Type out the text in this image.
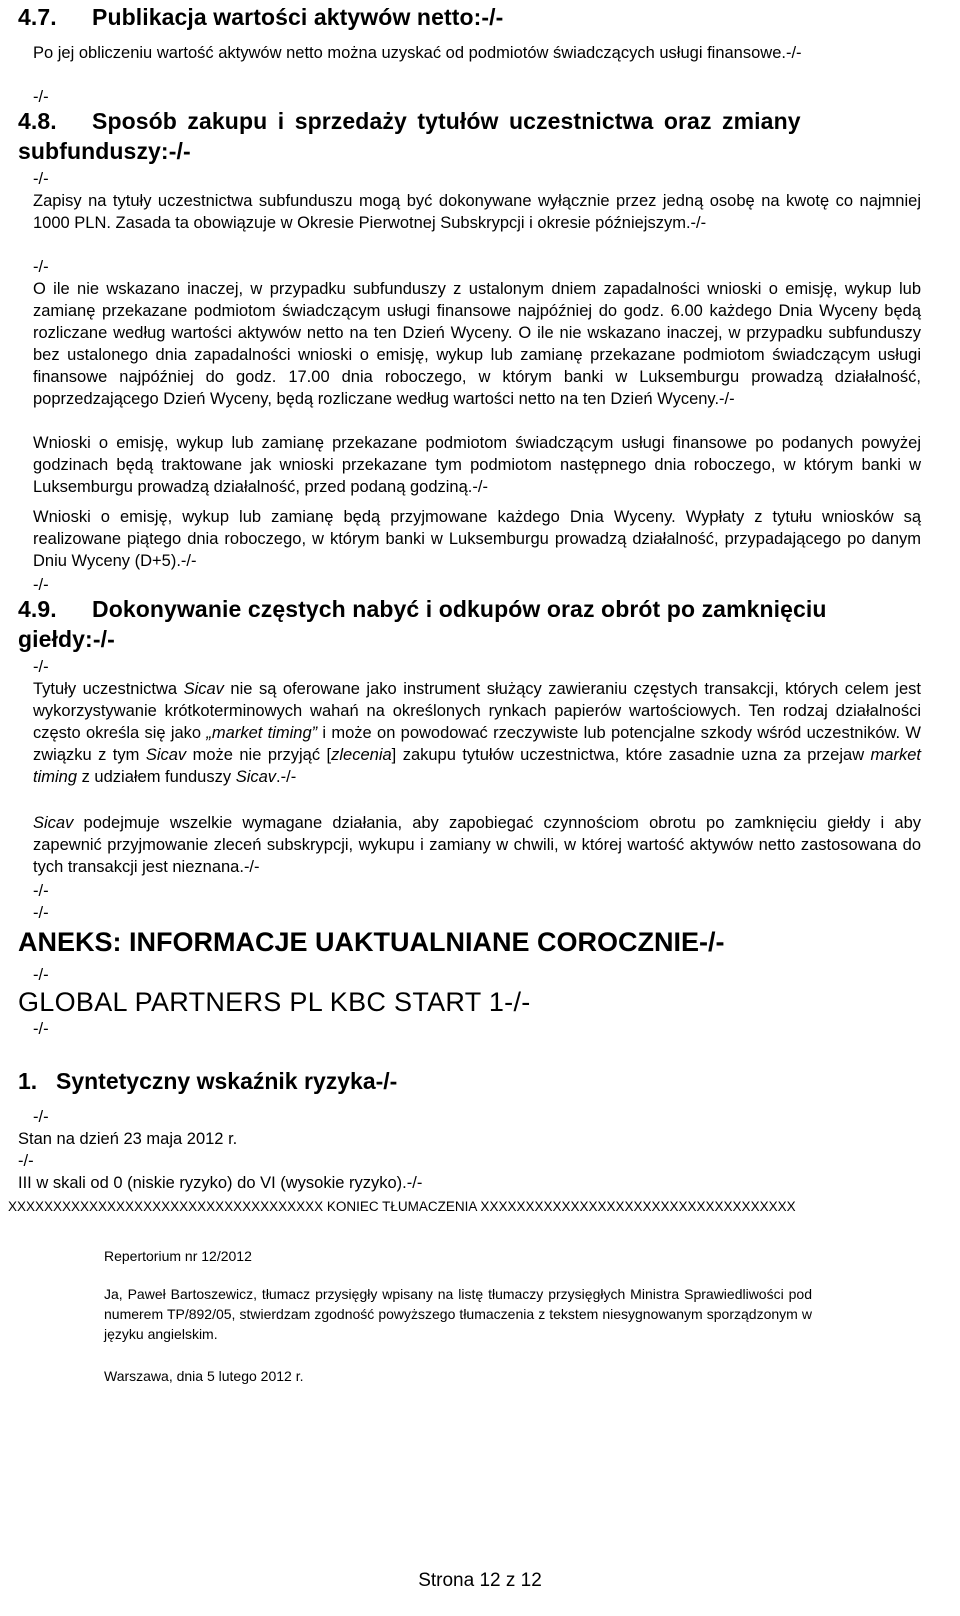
4.7. Publikacja wartości aktywów netto:-/-
Po jej obliczeniu wartość aktywów netto można uzyskać od podmiotów świadczących usługi finansowe.-/-
-/-
4.8. Sposób zakupu i sprzedaży tytułów uczestnictwa oraz zmiany subfunduszy:-/-
-/-
Zapisy na tytuły uczestnictwa subfunduszu mogą być dokonywane wyłącznie przez jedną osobę na kwotę co najmniej 1000 PLN. Zasada ta obowiązuje w Okresie Pierwotnej Subskrypcji i okresie późniejszym.-/-
-/-
O ile nie wskazano inaczej, w przypadku subfunduszy z ustalonym dniem zapadalności wnioski o emisję, wykup lub zamianę przekazane podmiotom świadczącym usługi finansowe najpóźniej do godz. 6.00 każdego Dnia Wyceny będą rozliczane według wartości aktywów netto na ten Dzień Wyceny. O ile nie wskazano inaczej, w przypadku subfunduszy bez ustalonego dnia zapadalności wnioski o emisję, wykup lub zamianę przekazane podmiotom świadczącym usługi finansowe najpóźniej do godz. 17.00 dnia roboczego, w którym banki w Luksemburgu prowadzą działalność, poprzedzającego Dzień Wyceny, będą rozliczane według wartości netto na ten Dzień Wyceny.-/-
Wnioski o emisję, wykup lub zamianę przekazane podmiotom świadczącym usługi finansowe po podanych powyżej godzinach będą traktowane jak wnioski przekazane tym podmiotom następnego dnia roboczego, w którym banki w Luksemburgu prowadzą działalność, przed podaną godziną.-/-
Wnioski o emisję, wykup lub zamianę będą przyjmowane każdego Dnia Wyceny. Wypłaty z tytułu wniosków są realizowane piątego dnia roboczego, w którym banki w Luksemburgu prowadzą działalność, przypadającego po danym Dniu Wyceny (D+5).-/-
-/-
4.9. Dokonywanie częstych nabyć i odkupów oraz obrót po zamknięciu giełdy:-/-
-/-
Tytuły uczestnictwa Sicav nie są oferowane jako instrument służący zawieraniu częstych transakcji, których celem jest wykorzystywanie krótkoterminowych wahań na określonych rynkach papierów wartościowych. Ten rodzaj działalności często określa się jako „market timing” i może on powodować rzeczywiste lub potencjalne szkody wśród uczestników. W związku z tym Sicav może nie przyjąć [zlecenia] zakupu tytułów uczestnictwa, które zasadnie uzna za przejaw market timing z udziałem funduszy Sicav.-/-
Sicav podejmuje wszelkie wymagane działania, aby zapobiegać czynnościom obrotu po zamknięciu giełdy i aby zapewnić przyjmowanie zleceń subskrypcji, wykupu i zamiany w chwili, w której wartość aktywów netto zastosowana do tych transakcji jest nieznana.-/-
-/-
-/-
ANEKS: INFORMACJE UAKTUALNIANE COROCZNIE-/-
-/-
GLOBAL PARTNERS PL KBC START 1-/-
-/-
1. Syntetyczny wskaźnik ryzyka-/-
-/-
Stan na dzień 23 maja 2012 r.
-/-
III w skali od 0 (niskie ryzyko) do VI (wysokie ryzyko).-/-
XXXXXXXXXXXXXXXXXXXXXXXXXXXXXXXXXXX KONIEC TŁUMACZENIA XXXXXXXXXXXXXXXXXXXXXXXXXXXXXXXXXXX
Repertorium nr 12/2012
Ja, Paweł Bartoszewicz, tłumacz przysięgły wpisany na listę tłumaczy przysięgłych Ministra Sprawiedliwości pod numerem TP/892/05, stwierdzam zgodność powyższego tłumaczenia z tekstem niesygnowanym sporządzonym w języku angielskim.
Warszawa, dnia 5 lutego 2012 r.
Strona 12 z 12
